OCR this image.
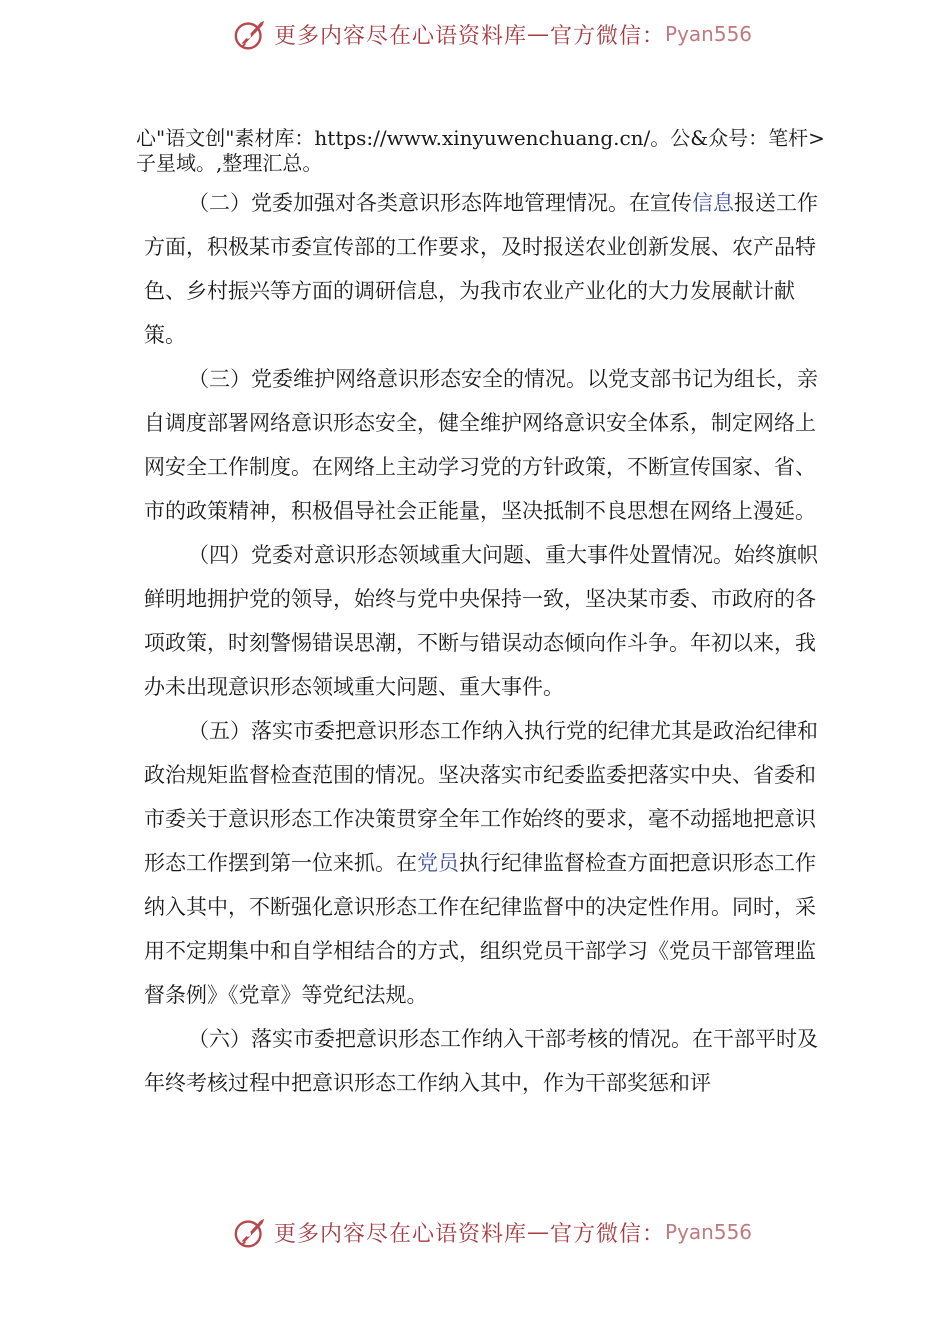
更多内容尽在心语资料库 — 官方微信： Pyan556

心"语文创"素材库：https://www.xinyuwenchuang.cn/。公&众号：笔杆>子星域。,整理汇总。

（二）党委加强对各类意识形态阵地管理情况。在宣传信息报送工作方面，积极某市委宣传部的工作要求，及时报送农业创新发展、农产品特色、乡村振兴等方面的调研信息，为我市农业产业化的大力发展献计献策。

（三）党委维护网络意识形态安全的情况。以党支部书记为组长，亲自调度部署网络意识形态安全，健全维护网络意识安全体系，制定网络上网安全工作制度。在网络上主动学习党的方针政策，不断宣传国家、省、市的政策精神，积极倡导社会正能量，坚决抵制不良思想在网络上漫延。

（四）党委对意识形态领域重大问题、重大事件处置情况。始终旗帜鲜明地拥护党的领导，始终与党中央保持一致，坚决某市委、市政府的各项政策，时刻警惕错误思潮，不断与错误动态倾向作斗争。年初以来，我办未出现意识形态领域重大问题、重大事件。

（五）落实市委把意识形态工作纳入执行党的纪律尤其是政治纪律和政治规矩监督检查范围的情况。坚决落实市纪委监委把落实中央、省委和市委关于意识形态工作决策贯穿全年工作始终的要求，毫不动摇地把意识形态工作摆到第一位来抓。在党员执行纪律监督检查方面把意识形态工作纳入其中，不断强化意识形态工作在纪律监督中的决定性作用。同时，采用不定期集中和自学相结合的方式，组织党员干部学习《党员干部管理监督条例》《党章》等党纪法规。

（六）落实市委把意识形态工作纳入干部考核的情况。在干部平时及年终考核过程中把意识形态工作纳入其中，作为干部奖惩和评

更多内容尽在心语资料库 — 官方微信： Pyan556
